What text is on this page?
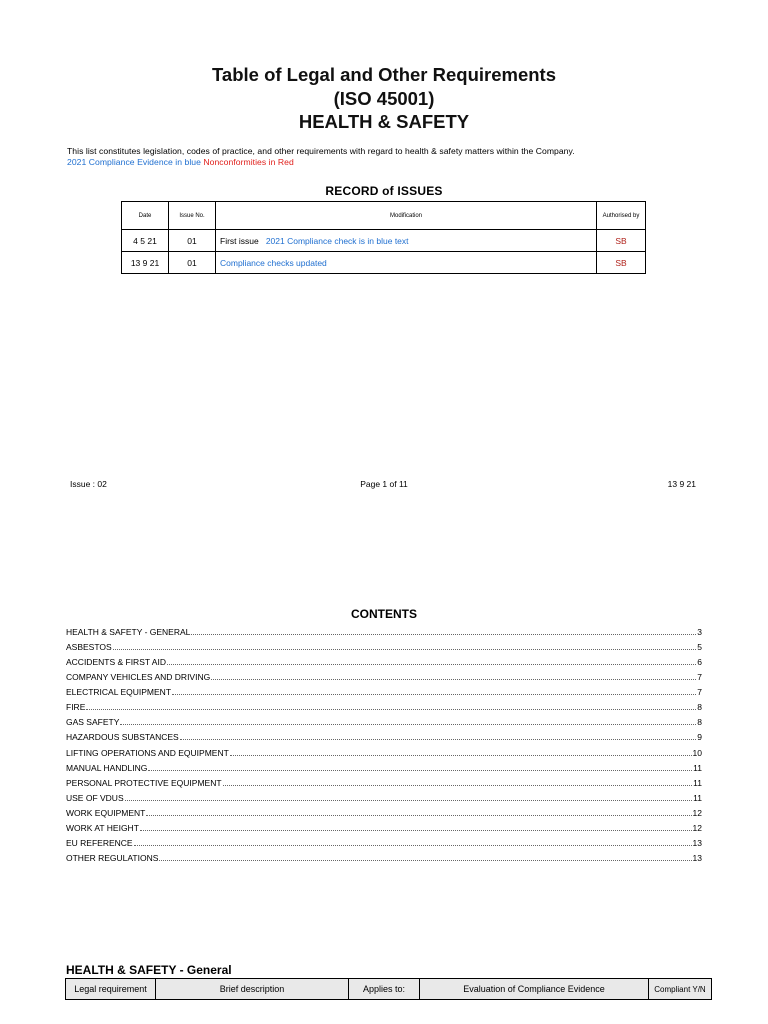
Table of Legal and Other Requirements
(ISO 45001)
HEALTH & SAFETY
This list constitutes legislation, codes of practice, and other requirements with regard to health & safety matters within the Company.
2021 Compliance Evidence in blue Nonconformities in Red
RECORD of ISSUES
Date	Issue No.	Modification	Authorised by
4 5 21	01	First issue 2021 Compliance check is in blue text	SB
13 9 21	01	Compliance checks updated	SB
Issue : 02	Page 1 of 11	13 9 21
CONTENTS
HEALTH & SAFETY - GENERAL	3
ASBESTOS	5
ACCIDENTS & FIRST AID	6
COMPANY VEHICLES AND DRIVING	7
ELECTRICAL EQUIPMENT	7
FIRE	8
GAS SAFETY	8
HAZARDOUS SUBSTANCES	9
LIFTING OPERATIONS AND EQUIPMENT	10
MANUAL HANDLING	11
PERSONAL PROTECTIVE EQUIPMENT	11
USE OF VDUS	11
WORK EQUIPMENT	12
WORK AT HEIGHT	12
EU REFERENCE	13
OTHER REGULATIONS	13
HEALTH & SAFETY - General
Legal requirement	Brief description	Applies to:	Evaluation of Compliance Evidence	Compliant Y/N
